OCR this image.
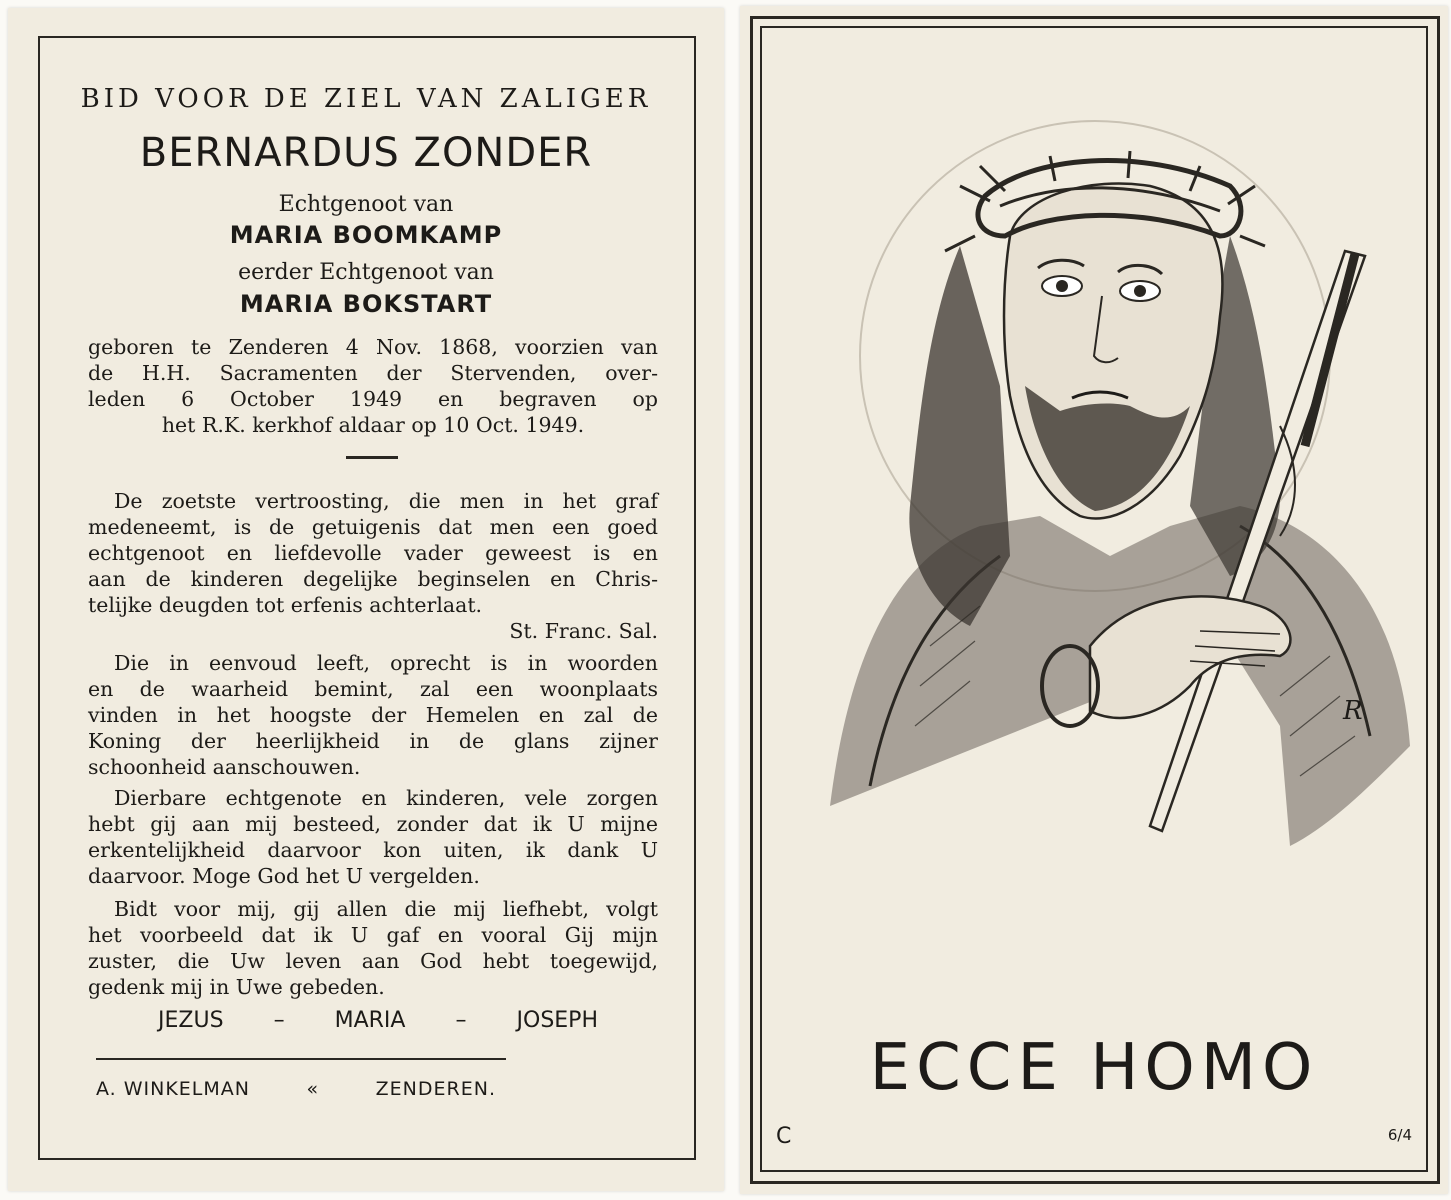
BID VOOR DE ZIEL VAN ZALIGER
BERNARDUS ZONDER
Echtgenoot van
MARIA BOOMKAMP
eerder Echtgenoot van
MARIA BOKSTART
geboren te Zenderen 4 Nov. 1868, voorzien van
de H.H. Sacramenten der Stervenden, over-
leden 6 October 1949 en begraven op
het R.K. kerkhof aldaar op 10 Oct. 1949.
De zoetste vertroosting, die men in het graf
medeneemt, is de getuigenis dat men een goed
echtgenoot en liefdevolle vader geweest is en
aan de kinderen degelijke beginselen en Chris-
telijke deugden tot erfenis achterlaat.
St. Franc. Sal.
Die in eenvoud leeft, oprecht is in woorden
en de waarheid bemint, zal een woonplaats
vinden in het hoogste der Hemelen en zal de
Koning der heerlijkheid in de glans zijner
schoonheid aanschouwen.
Dierbare echtgenote en kinderen, vele zorgen
hebt gij aan mij besteed, zonder dat ik U mijne
erkentelijkheid daarvoor kon uiten, ik dank U
daarvoor. Moge God het U vergelden.
Bidt voor mij, gij allen die mij liefhebt, volgt
het voorbeeld dat ik U gaf en vooral Gij mijn
zuster, die Uw leven aan God hebt toegewijd,
gedenk mij in Uwe gebeden.
JEZUS – MARIA – JOSEPH
A. WINKELMAN	«	ZENDEREN.
R
ECCE HOMO
C	6/4
